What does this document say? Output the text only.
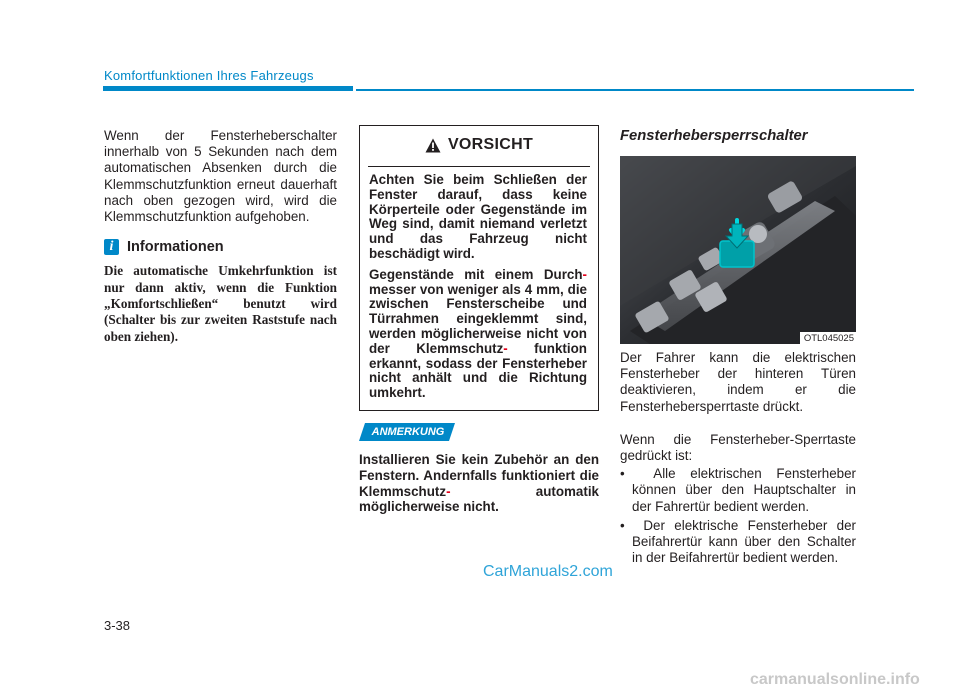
Komfortfunktionen Ihres Fahrzeugs

Wenn der Fensterheberschalter innerhalb von 5 Sekunden nach dem automatischen Absenken durch die Klemmschutzfunktion erneut dauerhaft nach oben gezogen wird, wird die Klemmschutzfunktion aufgehoben.

i Informationen

Die automatische Umkehrfunktion ist nur dann aktiv, wenn die Funktion „Komfortschließen“ benutzt wird (Schalter bis zur zweiten Raststufe nach oben ziehen).

VORSICHT

Achten Sie beim Schließen der Fenster darauf, dass keine Körperteile oder Gegenstände im Weg sind, damit niemand verletzt und das Fahrzeug nicht beschädigt wird.

Gegenstände mit einem Durch- messer von weniger als 4 mm, die zwischen Fensterscheibe und Türrahmen eingeklemmt sind, werden möglicherweise nicht von der Klemmschutz- funktion erkannt, sodass der Fensterheber nicht anhält und die Richtung umkehrt.

ANMERKUNG

Installieren Sie kein Zubehör an den Fenstern. Andernfalls funktioniert die Klemmschutz-	automatik möglicherweise nicht.

Fensterhebersperrschalter

OTL045025

Der Fahrer kann die elektrischen Fensterheber der hinteren Türen deaktivieren, indem er die Fensterhebersperrtaste drückt.

Wenn die Fensterheber-Sperrtaste gedrückt ist:

• Alle elektrischen Fensterheber können über den Hauptschalter in der Fahrertür bedient werden.

• Der elektrische Fensterheber der Beifahrertür kann über den Schalter in der Beifahrertür bedient werden.

CarManuals2.com
3-38
carmanualsonline.info
